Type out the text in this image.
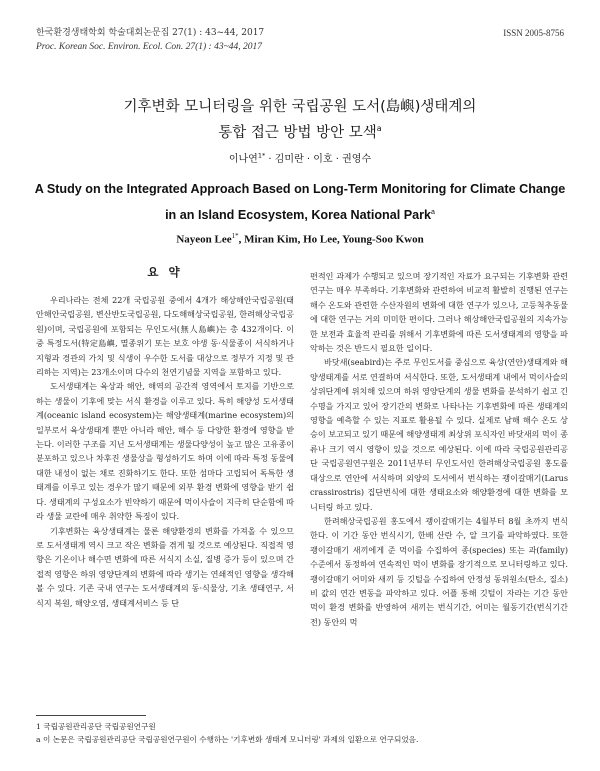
한국환경생태학회 학술대회논문집 27(1) : 43~44, 2017
Proc. Korean Soc. Environ. Ecol. Con. 27(1) : 43~44, 2017
ISSN 2005-8756
기후변화 모니터링을 위한 국립공원 도서(島嶼)생태계의
통합 접근 방법 방안 모색$^a$
이나연$^{1*}$ · 김미란 · 이호 · 권영수
A Study on the Integrated Approach Based on Long-Term Monitoring for Climate Change
in an Island Ecosystem, Korea National Park$^a$
Nayeon Lee$^{1*}$, Miran Kim, Ho Lee, Young-Soo Kwon
요 약

우리나라는 전체 22개 국립공원 중에서 4개가 해상해안국립공원(태안해안국립공원, 변산반도국립공원, 다도해해상국립공원, 한려해상국립공원)이며, 국립공원에 포함되는 무인도서(無人島嶼)는 총 432개이다. 이 중 특정도서(特定島嶼, 멸종위기 또는 보호 야생 동·식물종이 서식하거나 지형과 경관의 가치 및 식생이 우수한 도서를 대상으로 정부가 지정 및 관리하는 지역)는 23개소이며 다수의 천연기념물 지역을 포함하고 있다.

도서생태계는 육상과 해안, 해역의 공간적 영역에서 토지를 기반으로 하는 생물이 기후에 맞는 서식 환경을 이루고 있다. 특히 해양성 도서생태계(oceanic island ecosystem)는 해양생태계(marine ecosystem)의 일부로서 육상생태계 뿐만 아니라 해안, 해수 등 다양한 환경에 영향을 받는다. 이러한 구조를 지닌 도서생태계는 생물다양성이 높고 많은 고유종이 분포하고 있으나 차후진 생물상을 형성하기도 하며 이에 따라 특정 동물에 대한 내성이 없는 채로 진화하기도 한다. 또한 섬마다 고립되어 독특한 생태계를 이루고 있는 경우가 많기 때문에 외부 환경 변화에 영향을 받기 쉽다. 생태계의 구성요소가 빈약하기 때문에 먹이사슬이 지극히 단순함에 따라 생물 교란에 매우 취약한 특징이 있다.

기후변화는 육상생태계는 물론 해양환경의 변화를 가져올 수 있으므로 도서생태계 역시 크고 작은 변화를 겪게 될 것으로 예상된다. 직접적 영향은 기온이나 해수면 변화에 따른 서식지 소실, 질병 증가 등이 있으며 간접적 영향은 하위 영양단계의 변화에 따라 생기는 연쇄적인 영향을 생각해 볼 수 있다. 기존 국내 연구는 도서생태계의 동·식물상, 기초 생태연구, 서식지 복원, 해양오염, 생태계서비스 등 단

편적인 과제가 수행되고 있으며 장기적인 자료가 요구되는 기후변화 관련 연구는 매우 부족하다. 기후변화와 관련하여 비교적 활발히 진행된 연구는 해수 온도와 관련한 수산자원의 변화에 대한 연구가 있으나, 고등척추동물에 대한 연구는 거의 미미한 편이다. 그러나 해상해안국립공원의 지속가능한 보전과 효율적 관리를 위해서 기후변화에 따른 도서생태계의 영향을 파악하는 것은 반드시 필요한 일이다.

바닷새(seabird)는 주로 무인도서를 중심으로 육상(연안)생태계와 해양생태계를 서로 연결하며 서식한다. 또한, 도서생태계 내에서 먹이사슬의 상위단계에 위치해 있으며 하위 영양단계의 생물 변화를 분석하기 쉽고 긴 수명을 가지고 있어 장기간의 변화로 나타나는 기후변화에 따른 생태계의 영향을 예측할 수 있는 지표로 활용될 수 있다. 실제로 남해 해수 온도 상승이 보고되고 있기 때문에 해양생태계 최상위 포식자인 바닷새의 먹이 종류나 크기 역시 영향이 있을 것으로 예상된다. 이에 따라 국립공원관리공단 국립공원연구원은 2011년부터 무인도서인 한려해상국립공원 홍도를 대상으로 연안에 서식하며 외양의 도서에서 번식하는 괭이갈매기(Larus crassirostris) 집단번식에 대한 생태요소와 해양환경에 대한 변화를 모니터링 하고 있다.

한려해상국립공원 홍도에서 괭이갈매기는 4월부터 8월 초까지 번식한다. 이 기간 동안 번식시기, 한배 산란 수, 알 크기를 파악하였다. 또한 괭이갈매기 새끼에게 준 먹이를 수집하여 종(species) 또는 과(family) 수준에서 동정하여 연속적인 먹이 변화를 장기적으로 모니터링하고 있다. 괭이갈매기 어미와 새끼 등 깃털을 수집하여 안정성 동위원소(탄소, 질소) 비 값의 연간 변동을 파악하고 있다. 어플 통해 깃털이 자라는 기간 동안 먹이 환경 변화를 반영하여 새끼는 번식기간, 어미는 월동기간(번식기간 전) 동안의 먹

1 국립공원관리공단 국립공원연구원
a 이 논문은 국립공원관리공단 국립공원연구원이 수행하는 '기후변화 생태계 모니터링' 과제의 일환으로 연구되었음.
